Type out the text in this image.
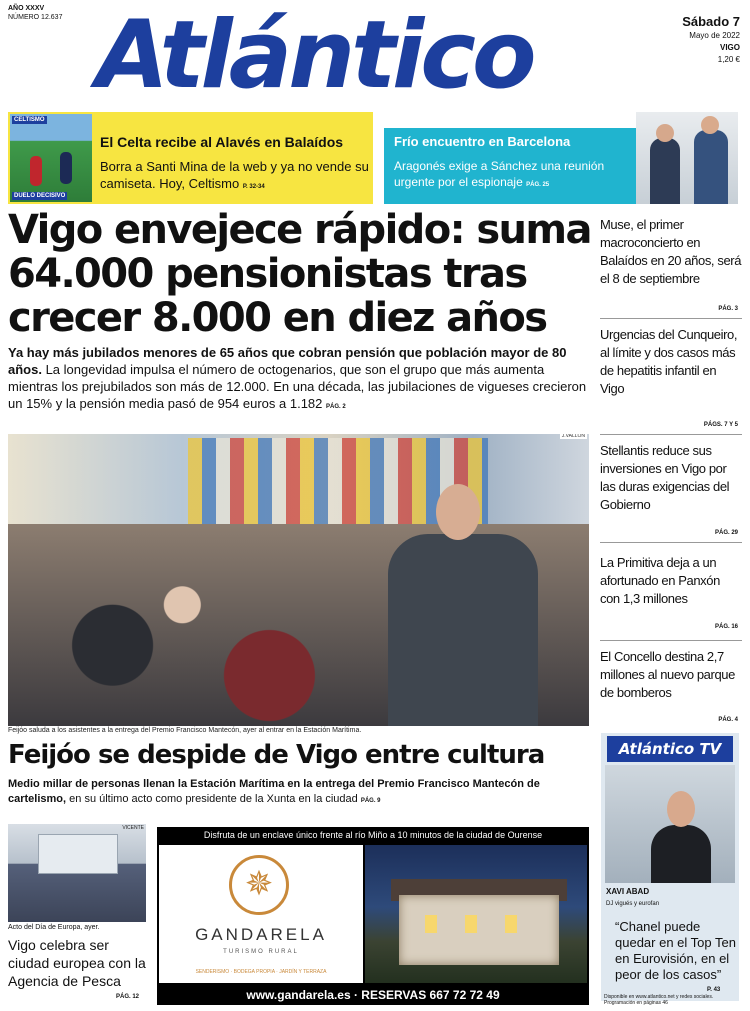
AÑO XXXV
NÚMERO 12.637 Atlántico	Sábado 7
Mayo de 2022
VIGO
1,20 €
CELTISMO
DUELO DECISIVO
El Celta recibe al Alavés en Balaídos
Borra a Santi Mina de la web y ya no vende su camiseta. Hoy, Celtismo P. 32-34
Frío encuentro en Barcelona
Aragonés exige a Sánchez una reunión urgente por el espionaje PÁG. 25
Vigo envejece rápido: suma 64.000 pensionistas tras crecer 8.000 en diez años
Ya hay más jubilados menores de 65 años que cobran pensión que población mayor de 80 años. La longevidad impulsa el número de octogenarios, que son el grupo que más aumenta mientras los prejubilados son más de 12.000. En una década, las jubilaciones de vigueses crecieron un 15% y la pensión media pasó de 954 euros a 1.182 PÁG. 2
J.VALLÓN
Feijóo saluda a los asistentes a la entrega del Premio Francisco Mantecón, ayer al entrar en la Estación Marítima.
Feijóo se despide de Vigo entre cultura
Medio millar de personas llenan la Estación Marítima en la entrega del Premio Francisco Mantecón de cartelismo, en su último acto como presidente de la Xunta en la ciudad PÁG. 9
VICENTE
Acto del Día de Europa, ayer.
Vigo celebra ser ciudad europea con la Agencia de Pesca
PÁG. 12
Disfruta de un enclave único frente al río Miño a 10 minutos de la ciudad de Ourense
✵
GANDARELA
TURISMO RURAL
SENDERISMO · BODEGA PROPIA · JARDÍN Y TERRAZA
www.gandarela.es · RESERVAS 667 72 72 49
Muse, el primer macroconcierto en Balaídos en 20 años, será el 8 de septiembre
PÁG. 3
Urgencias del Cunqueiro, al límite y dos casos más de hepatitis infantil en Vigo
PÁGS. 7 Y 5
Stellantis reduce sus inversiones en Vigo por las duras exigencias del Gobierno
PÁG. 29
La Primitiva deja a un afortunado en Panxón con 1,3 millones
PÁG. 16
El Concello destina 2,7 millones al nuevo parque de bomberos
PÁG. 4
Atlántico TV
XAVI ABAD
DJ vigués y eurofan
“Chanel puede quedar en el Top Ten en Eurovisión, en el peor de los casos”
P. 43
Disponible en www.atlantico.net y redes sociales. Programación en páginas 46
